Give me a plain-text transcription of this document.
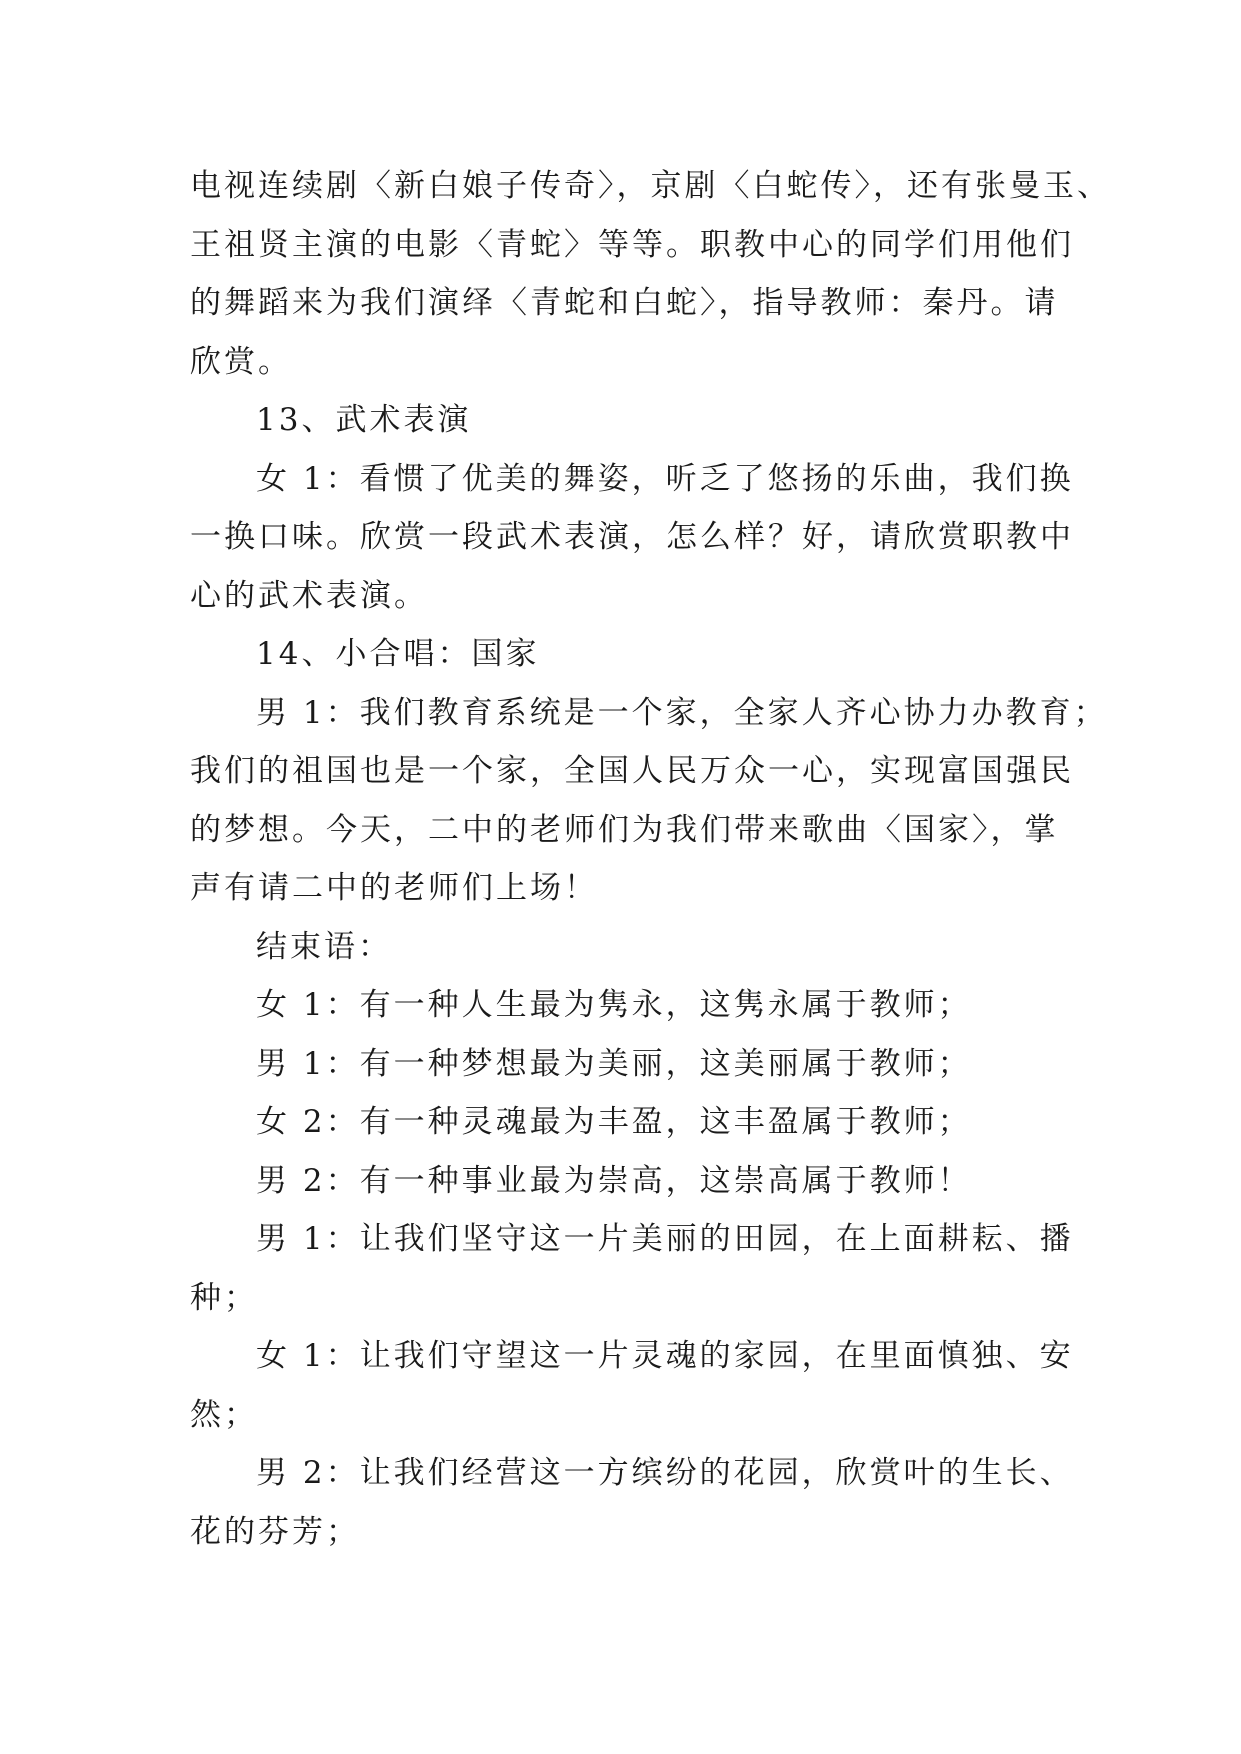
电视连续剧〈新白娘子传奇〉，京剧〈白蛇传〉，还有张曼玉、
王祖贤主演的电影〈青蛇〉等等。职教中心的同学们用他们
的舞蹈来为我们演绎〈青蛇和白蛇〉，指导教师：秦丹。请
欣赏。
13、武术表演
女 1：看惯了优美的舞姿，听乏了悠扬的乐曲，我们换
一换口味。欣赏一段武术表演，怎么样？好，请欣赏职教中
心的武术表演。
14、小合唱：国家
男 1：我们教育系统是一个家，全家人齐心协力办教育；
我们的祖国也是一个家，全国人民万众一心，实现富国强民
的梦想。今天，二中的老师们为我们带来歌曲〈国家〉，掌
声有请二中的老师们上场！
结束语：
女 1：有一种人生最为隽永，这隽永属于教师；
男 1：有一种梦想最为美丽，这美丽属于教师；
女 2：有一种灵魂最为丰盈，这丰盈属于教师；
男 2：有一种事业最为崇高，这崇高属于教师！
男 1：让我们坚守这一片美丽的田园，在上面耕耘、播
种；
女 1：让我们守望这一片灵魂的家园，在里面慎独、安
然；
男 2：让我们经营这一方缤纷的花园，欣赏叶的生长、
花的芬芳；
